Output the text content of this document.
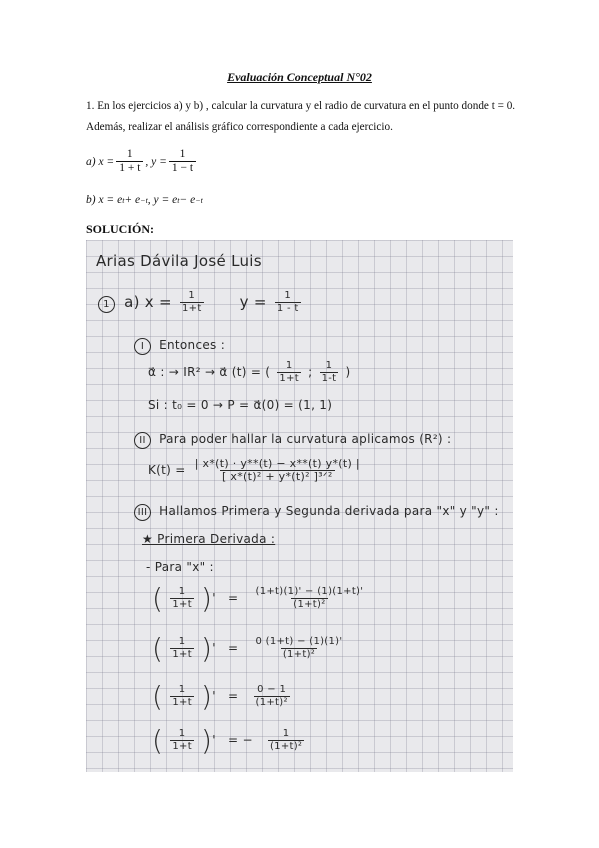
Evaluación Conceptual N°02
1. En los ejercicios a) y b) , calcular la curvatura y el radio de curvatura en el punto donde t = 0. Además, realizar el análisis gráfico correspondiente a cada ejercicio.
a) $x = \frac{1}{1 + t}$ , $y = \frac{1}{1 - t}$
b) x = e t + e −t , y = e t − e −t
SOLUCIÓN:
Arias Dávila José Luis
1 a) $x = \frac{1}{1+t}$ $y = \frac{1}{1 - t}$
I Entonces :
α⃗ : → IR² → α⃗ (t) = ( $\frac{1}{1+t}$ ; $\frac{1}{1-t}$ )
Si : t₀ = 0 → P = α⃗(0) = (1, 1)
II Para poder hallar la curvatura aplicamos (R²) :
$K(t) = \frac{| x*(t) \cdot y**(t) - x**(t) y*(t) |}{\text{[ x*(t)² + y*(t)² ]³ᐟ²}}$
III Hallamos Primera y Segunda derivada para "x" y "y" :
★ Primera Derivada :
- Para "x" :
( $\frac{1}{1+t}$ )' = $\frac{(1+t)(1)' - (1)(1+t)'}{\text{(1+t)²}}$
( $\frac{1}{1+t}$ )' = $\frac{0 (1+t) - (1)(1)'}{\text{(1+t)²}}$
( $\frac{1}{1+t}$ )' = $\frac{0 - 1}{\text{(1+t)²}}$
( $\frac{1}{1+t}$ )' = − $\frac{1}{\text{(1+t)²}}$
